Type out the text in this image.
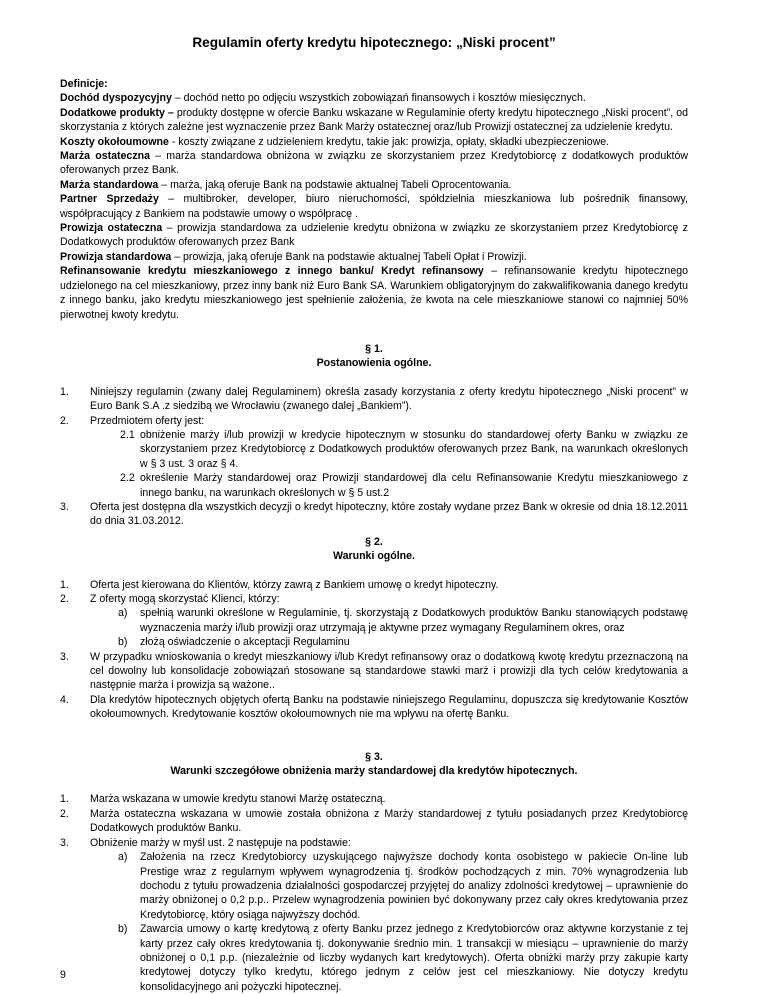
Regulamin oferty kredytu hipotecznego: „Niski procent”

Definicje:

Dochód dyspozycyjny – dochód netto po odjęciu wszystkich zobowiązań finansowych i kosztów miesięcznych.

Dodatkowe produkty – produkty dostępne w ofercie Banku wskazane w Regulaminie oferty kredytu hipotecznego „Niski procent”, od skorzystania z których zależne jest wyznaczenie przez Bank Marży ostatecznej oraz/lub Prowizji ostatecznej za udzielenie kredytu.

Koszty okołoumowne - koszty związane z udzieleniem kredytu, takie jak: prowizja, opłaty, składki ubezpieczeniowe.

Marża ostateczna – marża standardowa obniżona w związku ze skorzystaniem przez Kredytobiorcę z dodatkowych produktów oferowanych przez Bank.

Marża standardowa – marża, jaką oferuje Bank na podstawie aktualnej Tabeli Oprocentowania.

Partner Sprzedaży – multibroker, developer, biuro nieruchomości, spółdzielnia mieszkaniowa lub pośrednik finansowy, współpracujący z Bankiem na podstawie umowy o współpracę .

Prowizja ostateczna – prowizja standardowa za udzielenie kredytu obniżona w związku ze skorzystaniem przez Kredytobiorcę z Dodatkowych produktów oferowanych przez Bank

Prowizja standardowa – prowizja, jaką oferuje Bank na podstawie aktualnej Tabeli Opłat i Prowizji.

Refinansowanie kredytu mieszkaniowego z innego banku/ Kredyt refinansowy – refinansowanie kredytu hipotecznego udzielonego na cel mieszkaniowy, przez inny bank niż Euro Bank SA. Warunkiem obligatoryjnym do zakwalifikowania danego kredytu z innego banku, jako kredytu mieszkaniowego jest spełnienie założenia, że kwota na cele mieszkaniowe stanowi co najmniej 50% pierwotnej kwoty kredytu.

§ 1.

Postanowienia ogólne.

1. Niniejszy regulamin (zwany dalej Regulaminem) określa zasady korzystania z oferty kredytu hipotecznego „Niski procent” w Euro Bank S.A .z siedzibą we Wrocławiu (zwanego dalej „Bankiem”).
2. Przedmiotem oferty jest:
2.1 obniżenie marży i/lub prowizji w kredycie hipotecznym w stosunku do standardowej oferty Banku w związku ze skorzystaniem przez Kredytobiorcę z Dodatkowych produktów oferowanych przez Bank, na warunkach określonych w § 3 ust. 3 oraz § 4.
2.2 określenie Marży standardowej oraz Prowizji standardowej dla celu Refinansowanie Kredytu mieszkaniowego z innego banku, na warunkach określonych w § 5 ust.2
3. Oferta jest dostępna dla wszystkich decyzji o kredyt hipoteczny, które zostały wydane przez Bank w okresie od dnia 18.12.2011 do dnia 31.03.2012.

§ 2.

Warunki ogólne.

1. Oferta jest kierowana do Klientów, którzy zawrą z Bankiem umowę o kredyt hipoteczny.
2. Z oferty mogą skorzystać Klienci, którzy:
a) spełnią warunki określone w Regulaminie, tj. skorzystają z Dodatkowych produktów Banku stanowiących podstawę wyznaczenia marży i/lub prowizji oraz utrzymają je aktywne przez wymagany Regulaminem okres, oraz
b) złożą oświadczenie o akceptacji Regulaminu
3. W przypadku wnioskowania o kredyt mieszkaniowy i/lub Kredyt refinansowy oraz o dodatkową kwotę kredytu przeznaczoną na cel dowolny lub konsolidacje zobowiązań stosowane są standardowe stawki marż i prowizji dla tych celów kredytowania a następnie marża i prowizja są ważone..
4. Dla kredytów hipotecznych objętych ofertą Banku na podstawie niniejszego Regulaminu, dopuszcza się kredytowanie Kosztów okołoumownych. Kredytowanie kosztów okołoumownych nie ma wpływu na ofertę Banku.

§ 3.

Warunki szczegółowe obniżenia marży standardowej dla kredytów hipotecznych.

1. Marża wskazana w umowie kredytu stanowi Marżę ostateczną.
2. Marża ostateczna wskazana w umowie została obniżona z Marży standardowej z tytułu posiadanych przez Kredytobiorcę Dodatkowych produktów Banku.
3. Obniżenie marży w myśl ust. 2 następuje na podstawie:
a) Założenia na rzecz Kredytobiorcy uzyskującego najwyższe dochody konta osobistego w pakiecie On-line lub Prestige wraz z regularnym wpływem wynagrodzenia tj. środków pochodzących z min. 70% wynagrodzenia lub dochodu z tytułu prowadzenia działalności gospodarczej przyjętej do analizy zdolności kredytowej – uprawnienie do marży obniżonej o 0,2 p.p.. Przelew wynagrodzenia powinien być dokonywany przez cały okres kredytowania przez Kredytobiorcę, który osiąga najwyższy dochód.
b) Zawarcia umowy o kartę kredytową z oferty Banku przez jednego z Kredytobiorców oraz aktywne korzystanie z tej karty przez cały okres kredytowania tj. dokonywanie średnio min. 1 transakcji w miesiącu – uprawnienie do marży obniżonej o 0,1 p.p. (niezależnie od liczby wydanych kart kredytowych). Oferta obniżki marży przy zakupie karty kredytowej dotyczy tylko kredytu, którego jednym z celów jest cel mieszkaniowy. Nie dotyczy kredytu konsolidacyjnego ani pożyczki hipotecznej.
9
